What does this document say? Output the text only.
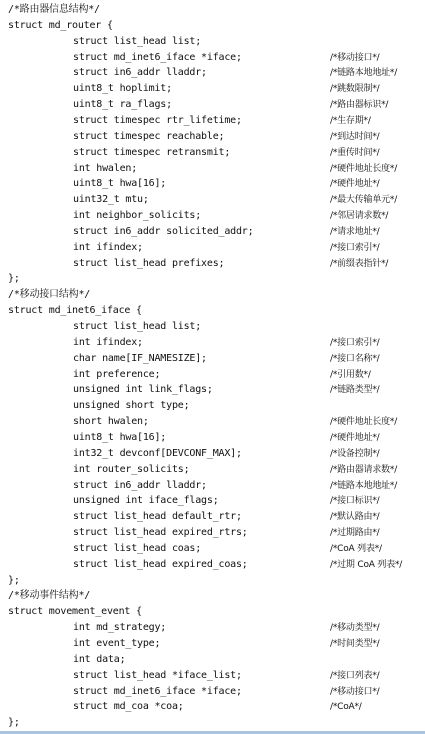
/*路由器信息结构*/
struct md_router {
struct list_head list;
struct md_inet6_iface *iface;	/*移动接口*/
struct in6_addr lladdr;	/*链路本地地址*/
uint8_t hoplimit;	/*跳数限制*/
uint8_t ra_flags;	/*路由器标识*/
struct timespec rtr_lifetime;	/*生存期*/
struct timespec reachable;	/*到达时间*/
struct timespec retransmit;	/*重传时间*/
int hwalen;	/*硬件地址长度*/
uint8_t hwa[16];	/*硬件地址*/
uint32_t mtu;	/*最大传输单元*/
int neighbor_solicits;	/*邻居请求数*/
struct in6_addr solicited_addr;	/*请求地址*/
int ifindex;	/*接口索引*/
struct list_head prefixes;	/*前缀表指针*/
};
/*移动接口结构*/
struct md_inet6_iface {
struct list_head list;
int ifindex;	/*接口索引*/
char name[IF_NAMESIZE];	/*接口名称*/
int preference;	/*引用数*/
unsigned int link_flags;	/*链路类型*/
unsigned short type;
short hwalen;	/*硬件地址长度*/
uint8_t hwa[16];	/*硬件地址*/
int32_t devconf[DEVCONF_MAX];	/*设备控制*/
int router_solicits;	/*路由器请求数*/
struct in6_addr lladdr;	/*链路本地地址*/
unsigned int iface_flags;	/*接口标识*/
struct list_head default_rtr;	/*默认路由*/
struct list_head expired_rtrs;	/*过期路由*/
struct list_head coas;	/*CoA 列表*/
struct list_head expired_coas;	/*过期 CoA 列表*/
};
/*移动事件结构*/
struct movement_event {
int md_strategy;	/*移动类型*/
int event_type;	/*时间类型*/
int data;
struct list_head *iface_list;	/*接口列表*/
struct md_inet6_iface *iface;	/*移动接口*/
struct md_coa *coa;	/*CoA*/
};
